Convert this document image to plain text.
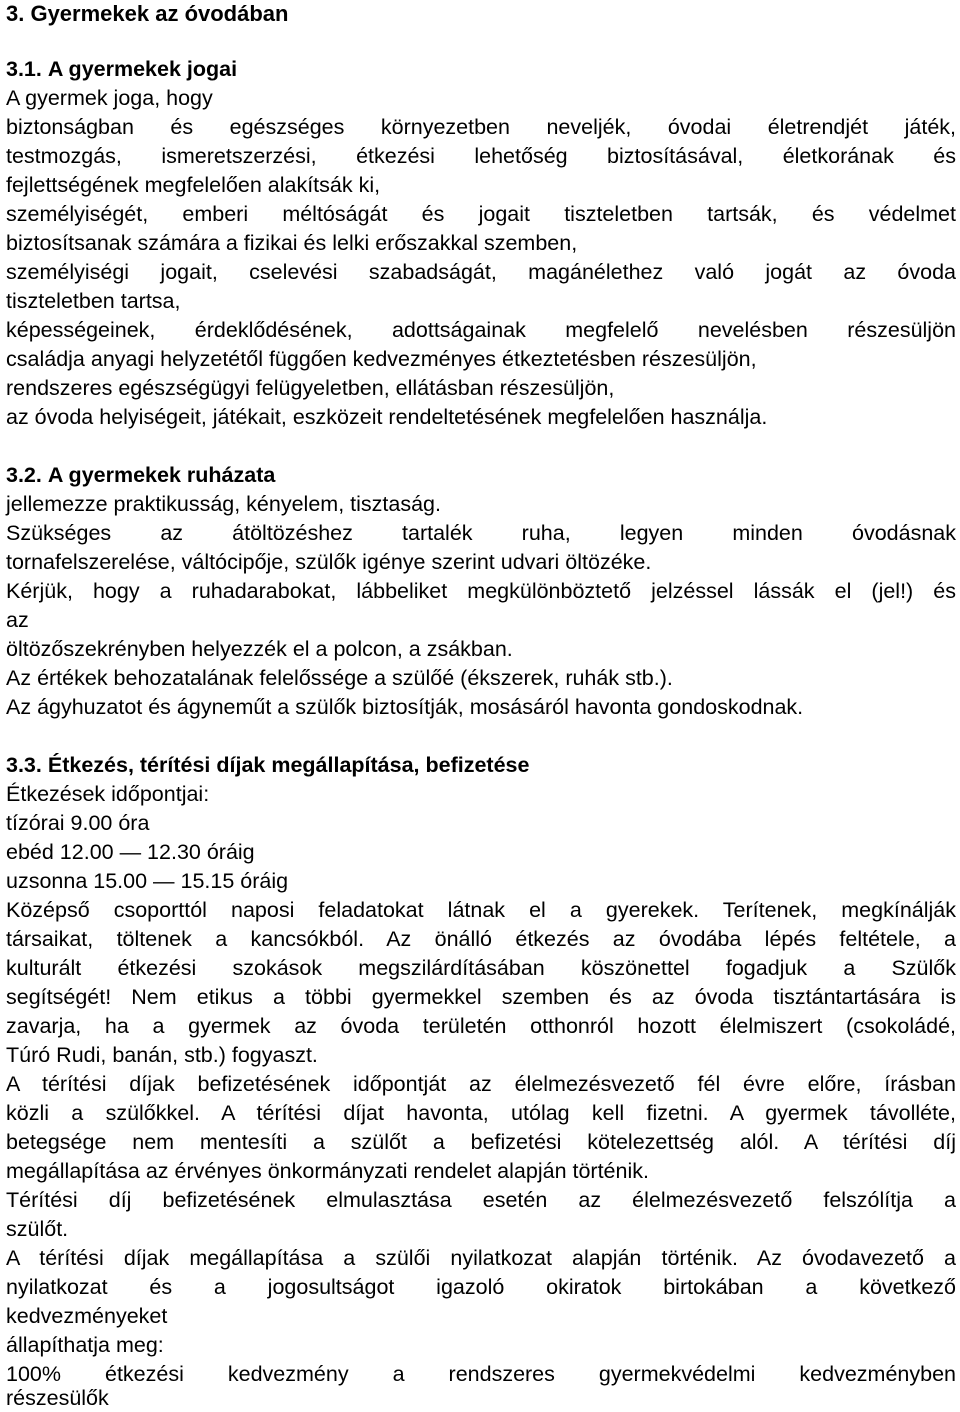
3. Gyermekek az óvodában
3.1. A gyermekek jogai
A gyermek joga, hogy
biztonságban és egészséges környezetben neveljék, óvodai életrendjét játék,
testmozgás, ismeretszerzési, étkezési lehetőség biztosításával, életkorának és
fejlettségének megfelelően alakítsák ki,
személyiségét, emberi méltóságát és jogait tiszteletben tartsák, és védelmet
biztosítsanak számára a fizikai és lelki erőszakkal szemben,
személyiségi jogait, cselevési szabadságát, magánélethez való jogát az óvoda
tiszteletben tartsa,
képességeinek, érdeklődésének, adottságainak megfelelő nevelésben részesüljön
családja anyagi helyzetétől függően kedvezményes étkeztetésben részesüljön,
rendszeres egészségügyi felügyeletben, ellátásban részesüljön,
az óvoda helyiségeit, játékait, eszközeit rendeltetésének megfelelően használja.
3.2. A gyermekek ruházata
jellemezze praktikusság, kényelem, tisztaság.
Szükséges az átöltözéshez tartalék ruha, legyen minden óvodásnak
tornafelszerelése, váltócipője, szülők igénye szerint udvari öltözéke.
Kérjük, hogy a ruhadarabokat, lábbeliket megkülönböztető jelzéssel lássák el (jel!) és
az
öltözőszekrényben helyezzék el a polcon, a zsákban.
Az értékek behozatalának felelőssége a szülőé (ékszerek, ruhák stb.).
Az ágyhuzatot és ágyneműt a szülők biztosítják, mosásáról havonta gondoskodnak.
3.3. Étkezés, térítési díjak megállapítása, befizetése
Étkezések időpontjai:
tízórai 9.00 óra
ebéd 12.00 — 12.30 óráig
uzsonna 15.00 — 15.15 óráig
Középső csoporttól naposi feladatokat látnak el a gyerekek. Terítenek, megkínálják
társaikat, töltenek a kancsókból. Az önálló étkezés az óvodába lépés feltétele, a
kulturált étkezési szokások megszilárdításában köszönettel fogadjuk a Szülők
segítségét! Nem etikus a többi gyermekkel szemben és az óvoda tisztántartására is
zavarja, ha a gyermek az óvoda területén otthonról hozott élelmiszert (csokoládé,
Túró Rudi, banán, stb.) fogyaszt.
A térítési díjak befizetésének időpontját az élelmezésvezető fél évre előre, írásban
közli a szülőkkel. A térítési díjat havonta, utólag kell fizetni. A gyermek távolléte,
betegsége nem mentesíti a szülőt a befizetési kötelezettség alól. A térítési díj
megállapítása az érvényes önkormányzati rendelet alapján történik.
Térítési díj befizetésének elmulasztása esetén az élelmezésvezető felszólítja a
szülőt.
A térítési díjak megállapítása a szülői nyilatkozat alapján történik. Az óvodavezető a
nyilatkozat és a jogosultságot igazoló okiratok birtokában a következő
kedvezményeket
állapíthatja meg:
100% étkezési kedvezmény a rendszeres gyermekvédelmi kedvezményben
részesülők
